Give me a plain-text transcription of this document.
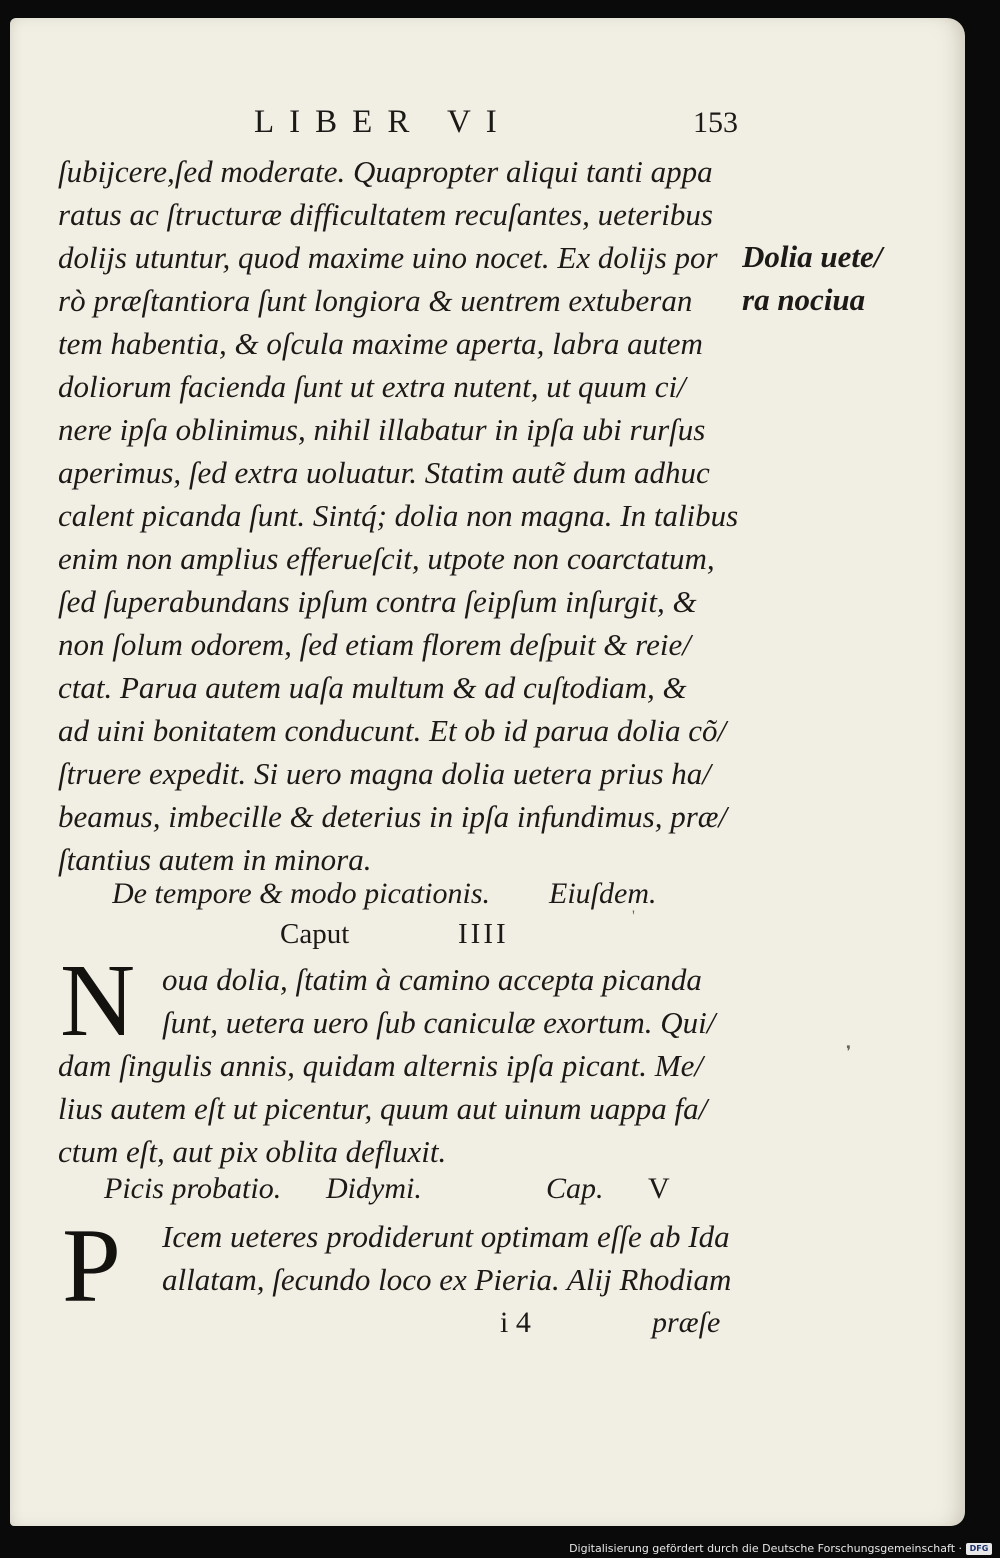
LIBER VI	153
ſubijcere,ſed moderate. Quapropter aliqui tanti appa
ratus ac ſtructuræ difficultatem recuſantes, ueteribus
dolijs utuntur, quod maxime uino nocet. Ex dolijs por
rò præſtantiora ſunt longiora & uentrem extuberan
tem habentia, & oſcula maxime aperta, labra autem
doliorum facienda ſunt ut extra nutent, ut quum ci/
nere ipſa oblinimus, nihil illabatur in ipſa ubi rurſus
aperimus, ſed extra uoluatur. Statim autẽ dum adhuc
calent picanda ſunt. Sintq́; dolia non magna. In talibus
enim non amplius efferueſcit, utpote non coarctatum,
ſed ſuperabundans ipſum contra ſeipſum inſurgit, &
non ſolum odorem, ſed etiam florem deſpuit & reie/
ctat. Parua autem uaſa multum & ad cuſtodiam, &
ad uini bonitatem conducunt. Et ob id parua dolia cõ/
ſtruere expedit. Si uero magna dolia uetera prius ha/
beamus, imbecille & deterius in ipſa infundimus, præ/
ſtantius autem in minora.
Dolia uete/
ra nociua
De tempore & modo picationis. Eiuſdem.
Caput	IIII
N oua dolia, ſtatim à camino accepta picanda
ſunt, uetera uero ſub caniculæ exortum. Qui/
dam ſingulis annis, quidam alternis ipſa picant. Me/
lius autem eſt ut picentur, quum aut uinum uappa fa/
ctum eſt, aut pix oblita defluxit.
Picis probatio. Didymi.	Cap. V
P	Icem ueteres prodiderunt optimam eſſe ab Ida
allatam, ſecundo loco ex Pieria. Alij Rhodiam
i 4	præſe
❜
'
Digitalisierung gefördert durch die Deutsche Forschungsgemeinschaft · DFG
